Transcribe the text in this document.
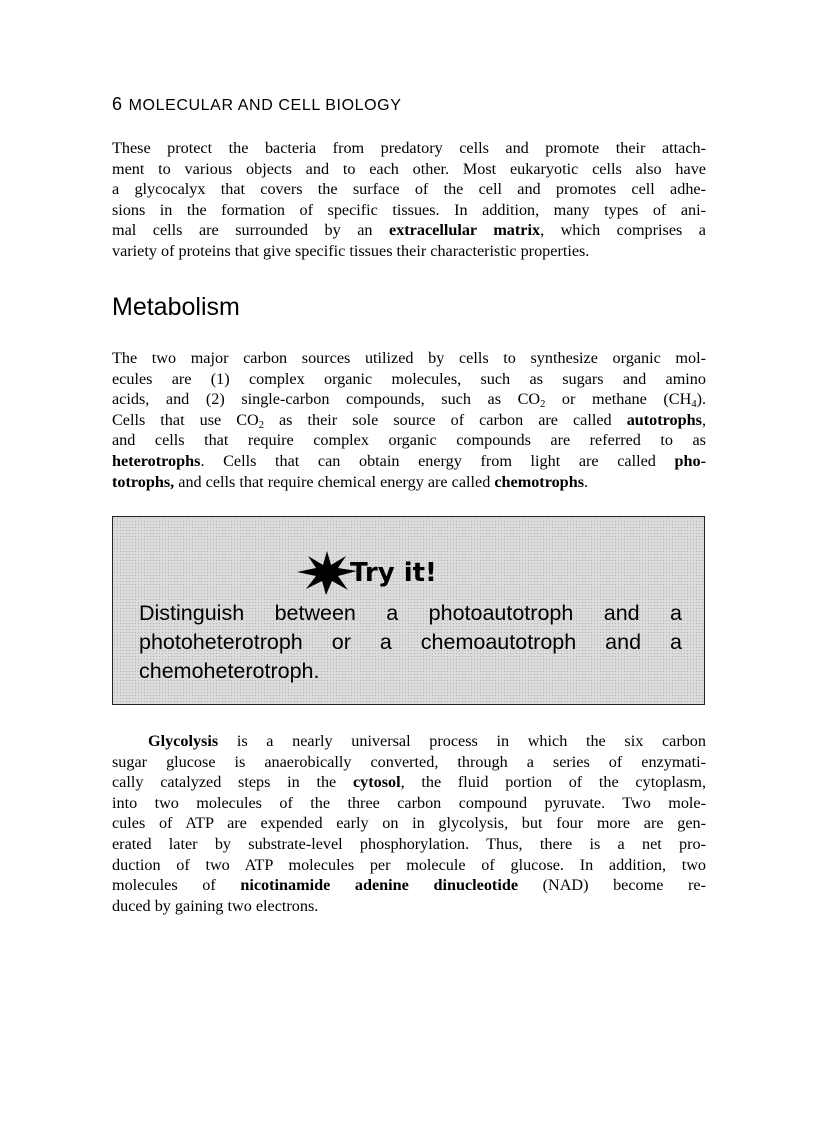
6 MOLECULAR AND CELL BIOLOGY

These protect the bacteria from predatory cells and promote their attach-
ment to various objects and to each other. Most eukaryotic cells also have
a glycocalyx that covers the surface of the cell and promotes cell adhe-
sions in the formation of specific tissues. In addition, many types of ani-
mal cells are surrounded by an extracellular matrix, which comprises a
variety of proteins that give specific tissues their characteristic properties.

Metabolism

The two major carbon sources utilized by cells to synthesize organic mol-
ecules are (1) complex organic molecules, such as sugars and amino
acids, and (2) single-carbon compounds, such as $CO_2$ or methane $(CH_4)$.
Cells that use $CO_2$ as their sole source of carbon are called autotrophs,
and cells that require complex organic compounds are referred to as
heterotrophs. Cells that can obtain energy from light are called pho-
totrophs, and cells that require chemical energy are called chemotrophs.

Try it!

Distinguish between a photoautotroph and a
photoheterotroph or a chemoautotroph and a
chemoheterotroph.

Glycolysis is a nearly universal process in which the six carbon
sugar glucose is anaerobically converted, through a series of enzymati-
cally catalyzed steps in the cytosol, the fluid portion of the cytoplasm,
into two molecules of the three carbon compound pyruvate. Two mole-
cules of ATP are expended early on in glycolysis, but four more are gen-
erated later by substrate-level phosphorylation. Thus, there is a net pro-
duction of two ATP molecules per molecule of glucose. In addition, two
molecules of nicotinamide adenine dinucleotide (NAD) become re-
duced by gaining two electrons.
